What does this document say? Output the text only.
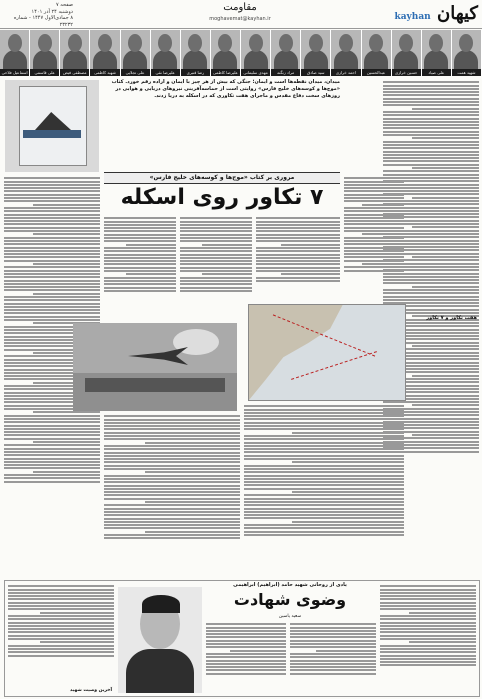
کیهان kayhan
مقاومت
moghavemat@kayhan.ir
صفحه ۷
دوشنبه ۲۴ آذر ۱۴۰۱
۸ جمادی‌الاول ۱۴۴۷ - شماره ۲۳۲۳۲
اسماعیل فلاحی	علی قاسمی	مصطفی فیض	شهید کاظمی	علی تجلایی	علیرضا نقی	رضا قنبری	علیرضا کاظمی	مهدی سلیمانی	مراد زنگنه	سید صادق	احمد خرازی	عبدالحسین	حسین خرازی	علی صیاد	شهید همت
میدان، میدان نقطه‌ها است و ایمان؛ جنگی که بیش از هر چیز با ایمان و اراده رقم خورد. کتاب «موج‌ها و کوسه‌های خلیج فارس» روایتی است از حماسه‌آفرینی نیروهای دریایی و هوایی در روزهای سخت دفاع مقدس و ماجرای هفت تکاوری که در اسکله به دریا زدند.
مروری بر کتاب «موج‌ها و کوسه‌های خلیج فارس»
۷ تکاور روی اسکله
هفت تکاور و ۷ تکاور
یادی از روحانی شهید حامد (ابراهیم) ابراهیمی
وضوی شهادت
سعید یاسین
آخرین وصیت شهید
